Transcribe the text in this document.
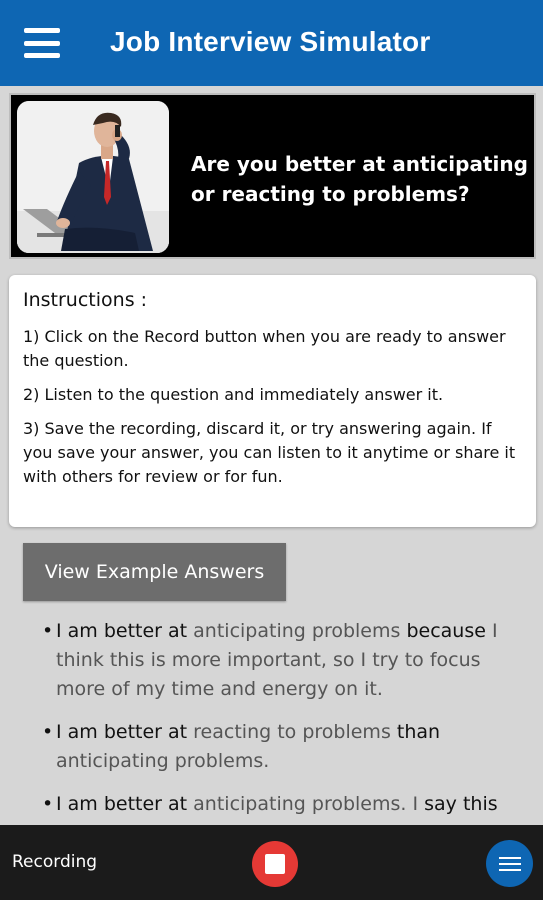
Job Interview Simulator
Are you better at anticipating or reacting to problems?
Instructions :

1) Click on the Record button when you are ready to answer the question.

2) Listen to the question and immediately answer it.

3) Save the recording, discard it, or try answering again. If you save your answer, you can listen to it anytime or share it with others for review or for fun.

View Example Answers
• I am better at anticipating problems because I think this is more important, so I try to focus more of my time and energy on it.
• I am better at reacting to problems than anticipating problems.
• I am better at anticipating problems. I say this
Recording
